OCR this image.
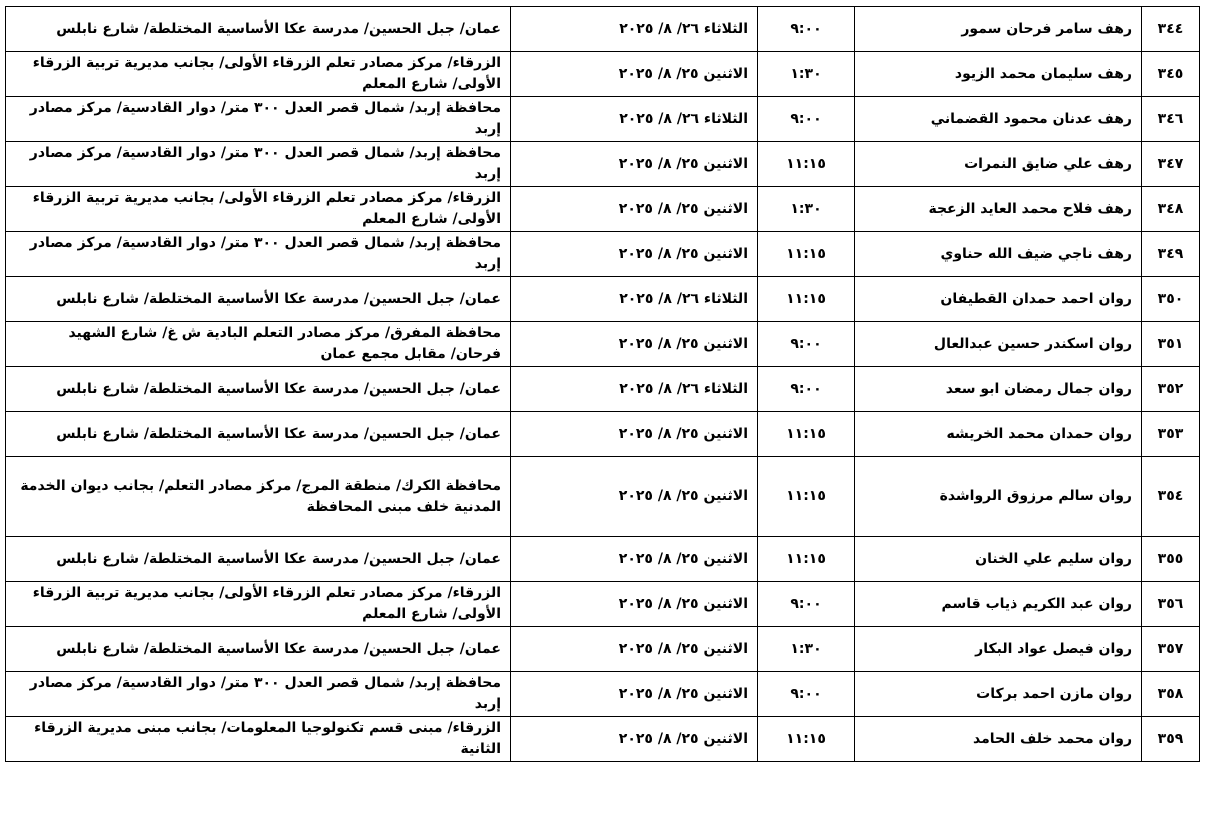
٣٤٤	رهف سامر فرحان سمور	٩:٠٠	الثلاثاء ٢٦/ ٨/ ٢٠٢٥	عمان/ جبل الحسين/ مدرسة عكا الأساسية المختلطة/ شارع نابلس
٣٤٥	رهف سليمان محمد الزيود	١:٣٠	الاثنين ٢٥/ ٨/ ٢٠٢٥	الزرقاء/ مركز مصادر تعلم الزرقاء الأولى/ بجانب مديرية تربية الزرقاء الأولى/ شارع المعلم
٣٤٦	رهف عدنان محمود القضماني	٩:٠٠	الثلاثاء ٢٦/ ٨/ ٢٠٢٥	محافظة إربد/ شمال قصر العدل ٣٠٠ متر/ دوار القادسية/ مركز مصادر إربد
٣٤٧	رهف علي ضايق النمرات	١١:١٥	الاثنين ٢٥/ ٨/ ٢٠٢٥	محافظة إربد/ شمال قصر العدل ٣٠٠ متر/ دوار القادسية/ مركز مصادر إربد
٣٤٨	رهف فلاح محمد العايد الزعجة	١:٣٠	الاثنين ٢٥/ ٨/ ٢٠٢٥	الزرقاء/ مركز مصادر تعلم الزرقاء الأولى/ بجانب مديرية تربية الزرقاء الأولى/ شارع المعلم
٣٤٩	رهف ناجي ضيف الله حناوي	١١:١٥	الاثنين ٢٥/ ٨/ ٢٠٢٥	محافظة إربد/ شمال قصر العدل ٣٠٠ متر/ دوار القادسية/ مركز مصادر إربد
٣٥٠	روان احمد حمدان القطيفان	١١:١٥	الثلاثاء ٢٦/ ٨/ ٢٠٢٥	عمان/ جبل الحسين/ مدرسة عكا الأساسية المختلطة/ شارع نابلس
٣٥١	روان اسكندر حسين عبدالعال	٩:٠٠	الاثنين ٢٥/ ٨/ ٢٠٢٥	محافظة المفرق/ مركز مصادر التعلم البادية ش غ/ شارع الشهيد فرحان/ مقابل مجمع عمان
٣٥٢	روان جمال رمضان ابو سعد	٩:٠٠	الثلاثاء ٢٦/ ٨/ ٢٠٢٥	عمان/ جبل الحسين/ مدرسة عكا الأساسية المختلطة/ شارع نابلس
٣٥٣	روان حمدان محمد الخريشه	١١:١٥	الاثنين ٢٥/ ٨/ ٢٠٢٥	عمان/ جبل الحسين/ مدرسة عكا الأساسية المختلطة/ شارع نابلس
٣٥٤	روان سالم مرزوق الرواشدة	١١:١٥	الاثنين ٢٥/ ٨/ ٢٠٢٥	محافظة الكرك/ منطقة المرج/ مركز مصادر التعلم/ بجانب ديوان الخدمة المدنية خلف مبنى المحافظة
٣٥٥	روان سليم علي الخنان	١١:١٥	الاثنين ٢٥/ ٨/ ٢٠٢٥	عمان/ جبل الحسين/ مدرسة عكا الأساسية المختلطة/ شارع نابلس
٣٥٦	روان عبد الكريم ذياب قاسم	٩:٠٠	الاثنين ٢٥/ ٨/ ٢٠٢٥	الزرقاء/ مركز مصادر تعلم الزرقاء الأولى/ بجانب مديرية تربية الزرقاء الأولى/ شارع المعلم
٣٥٧	روان فيصل عواد البكار	١:٣٠	الاثنين ٢٥/ ٨/ ٢٠٢٥	عمان/ جبل الحسين/ مدرسة عكا الأساسية المختلطة/ شارع نابلس
٣٥٨	روان مازن احمد بركات	٩:٠٠	الاثنين ٢٥/ ٨/ ٢٠٢٥	محافظة إربد/ شمال قصر العدل ٣٠٠ متر/ دوار القادسية/ مركز مصادر إربد
٣٥٩	روان محمد خلف الحامد	١١:١٥	الاثنين ٢٥/ ٨/ ٢٠٢٥	الزرقاء/ مبنى قسم تكنولوجيا المعلومات/ بجانب مبنى مديرية الزرقاء الثانية
